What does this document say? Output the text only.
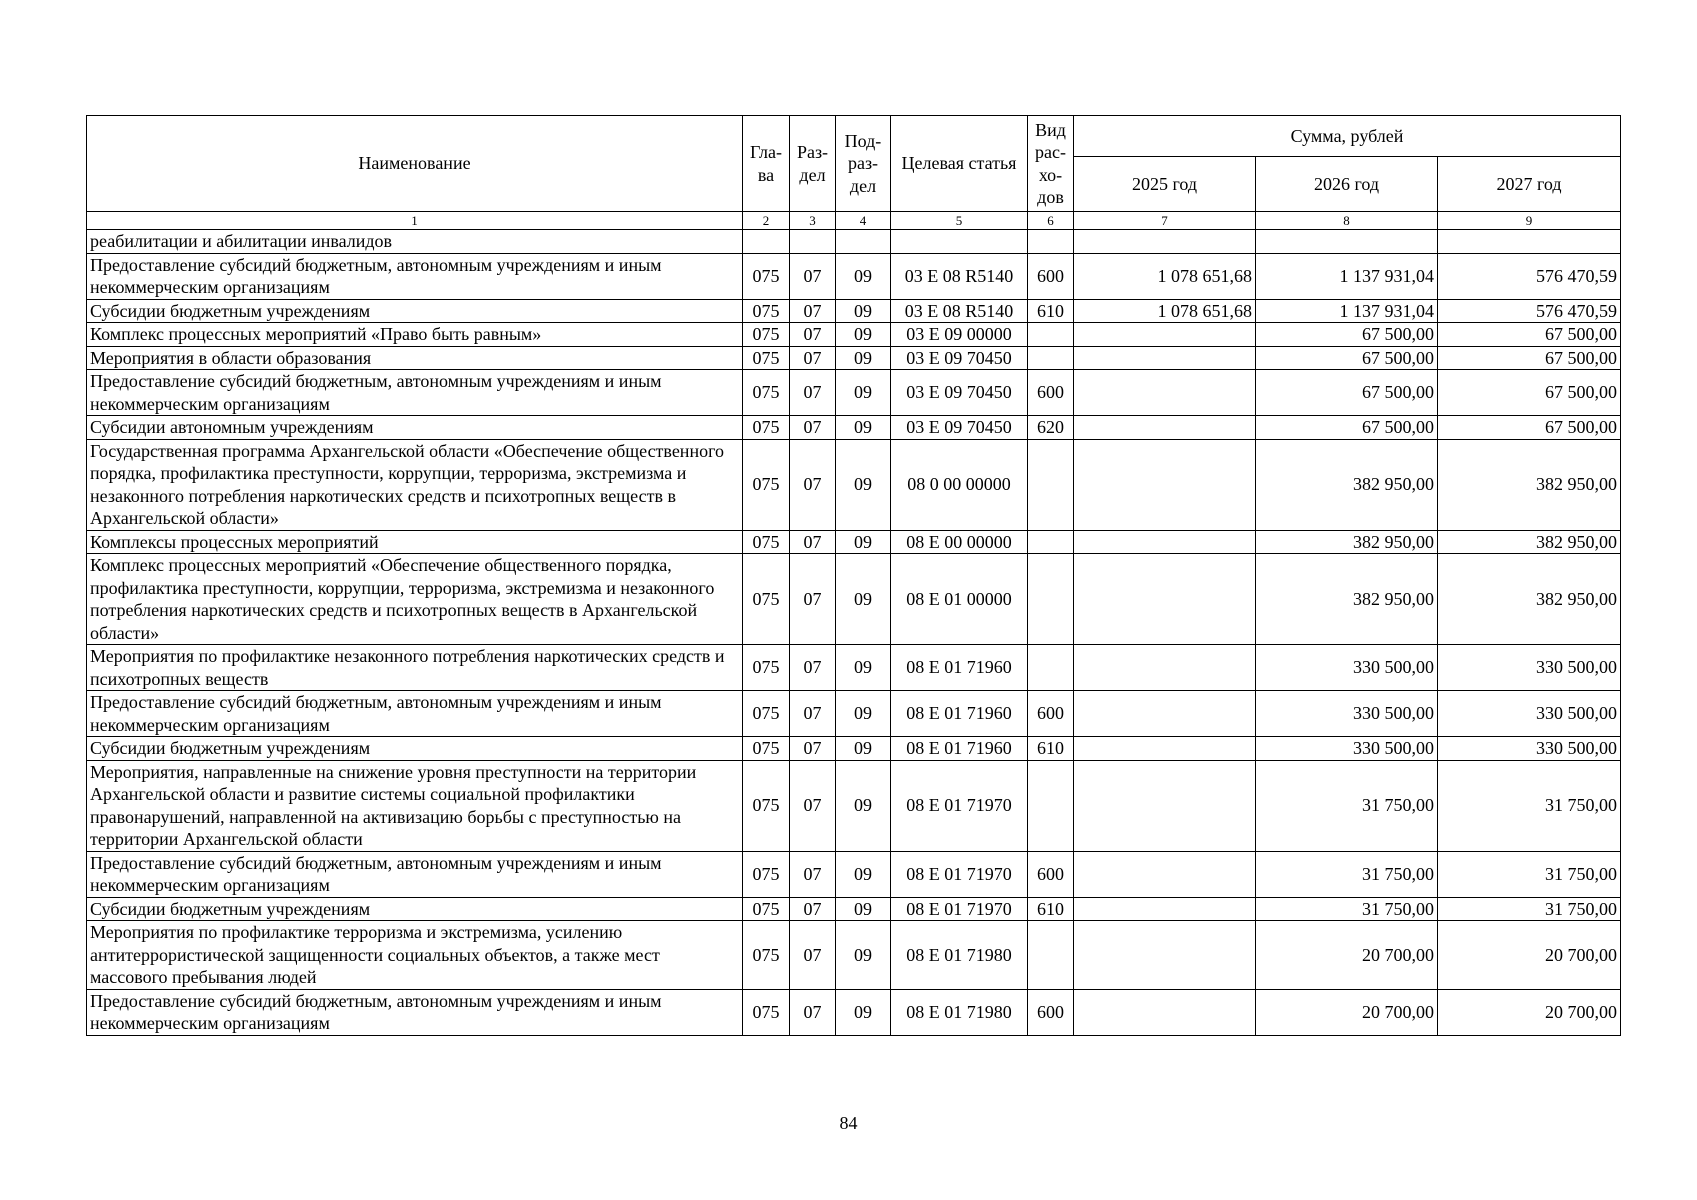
Наименование	Гла-ва	Раз-дел	Под-раз-дел	Целевая статья	Вид рас-хо-дов	Сумма, рублей		
						2025 год	2026 год	2027 год
1	2	3	4	5	6	7	8	9
реабилитации и абилитации инвалидов								
Предоставление субсидий бюджетным, автономным учреждениям и иным некоммерческим организациям	075	07	09	03 Е 08 R5140	600	1 078 651,68	1 137 931,04	576 470,59
Субсидии бюджетным учреждениям	075	07	09	03 Е 08 R5140	610	1 078 651,68	1 137 931,04	576 470,59
Комплекс процессных мероприятий «Право быть равным»	075	07	09	03 Е 09 00000			67 500,00	67 500,00
Мероприятия в области образования	075	07	09	03 Е 09 70450			67 500,00	67 500,00
Предоставление субсидий бюджетным, автономным учреждениям и иным некоммерческим организациям	075	07	09	03 Е 09 70450	600		67 500,00	67 500,00
Субсидии автономным учреждениям	075	07	09	03 Е 09 70450	620		67 500,00	67 500,00
Государственная программа Архангельской области «Обеспечение общественного порядка, профилактика преступности, коррупции, терроризма, экстремизма и незаконного потребления наркотических средств и психотропных веществ в Архангельской области»	075	07	09	08 0 00 00000			382 950,00	382 950,00
Комплексы процессных мероприятий	075	07	09	08 Е 00 00000			382 950,00	382 950,00
Комплекс процессных мероприятий «Обеспечение общественного порядка, профилактика преступности, коррупции, терроризма, экстремизма и незаконного потребления наркотических средств и психотропных веществ в Архангельской области»	075	07	09	08 Е 01 00000			382 950,00	382 950,00
Мероприятия по профилактике незаконного потребления наркотических средств и психотропных веществ	075	07	09	08 Е 01 71960			330 500,00	330 500,00
Предоставление субсидий бюджетным, автономным учреждениям и иным некоммерческим организациям	075	07	09	08 Е 01 71960	600		330 500,00	330 500,00
Субсидии бюджетным учреждениям	075	07	09	08 Е 01 71960	610		330 500,00	330 500,00
Мероприятия, направленные на снижение уровня преступности на территории Архангельской области и развитие системы социальной профилактики правонарушений, направленной на активизацию борьбы с преступностью на территории Архангельской области	075	07	09	08 Е 01 71970			31 750,00	31 750,00
Предоставление субсидий бюджетным, автономным учреждениям и иным некоммерческим организациям	075	07	09	08 Е 01 71970	600		31 750,00	31 750,00
Субсидии бюджетным учреждениям	075	07	09	08 Е 01 71970	610		31 750,00	31 750,00
Мероприятия по профилактике терроризма и экстремизма, усилению антитеррористической защищенности социальных объектов, а также мест массового пребывания людей	075	07	09	08 Е 01 71980			20 700,00	20 700,00
Предоставление субсидий бюджетным, автономным учреждениям и иным некоммерческим организациям	075	07	09	08 Е 01 71980	600		20 700,00	20 700,00
84
